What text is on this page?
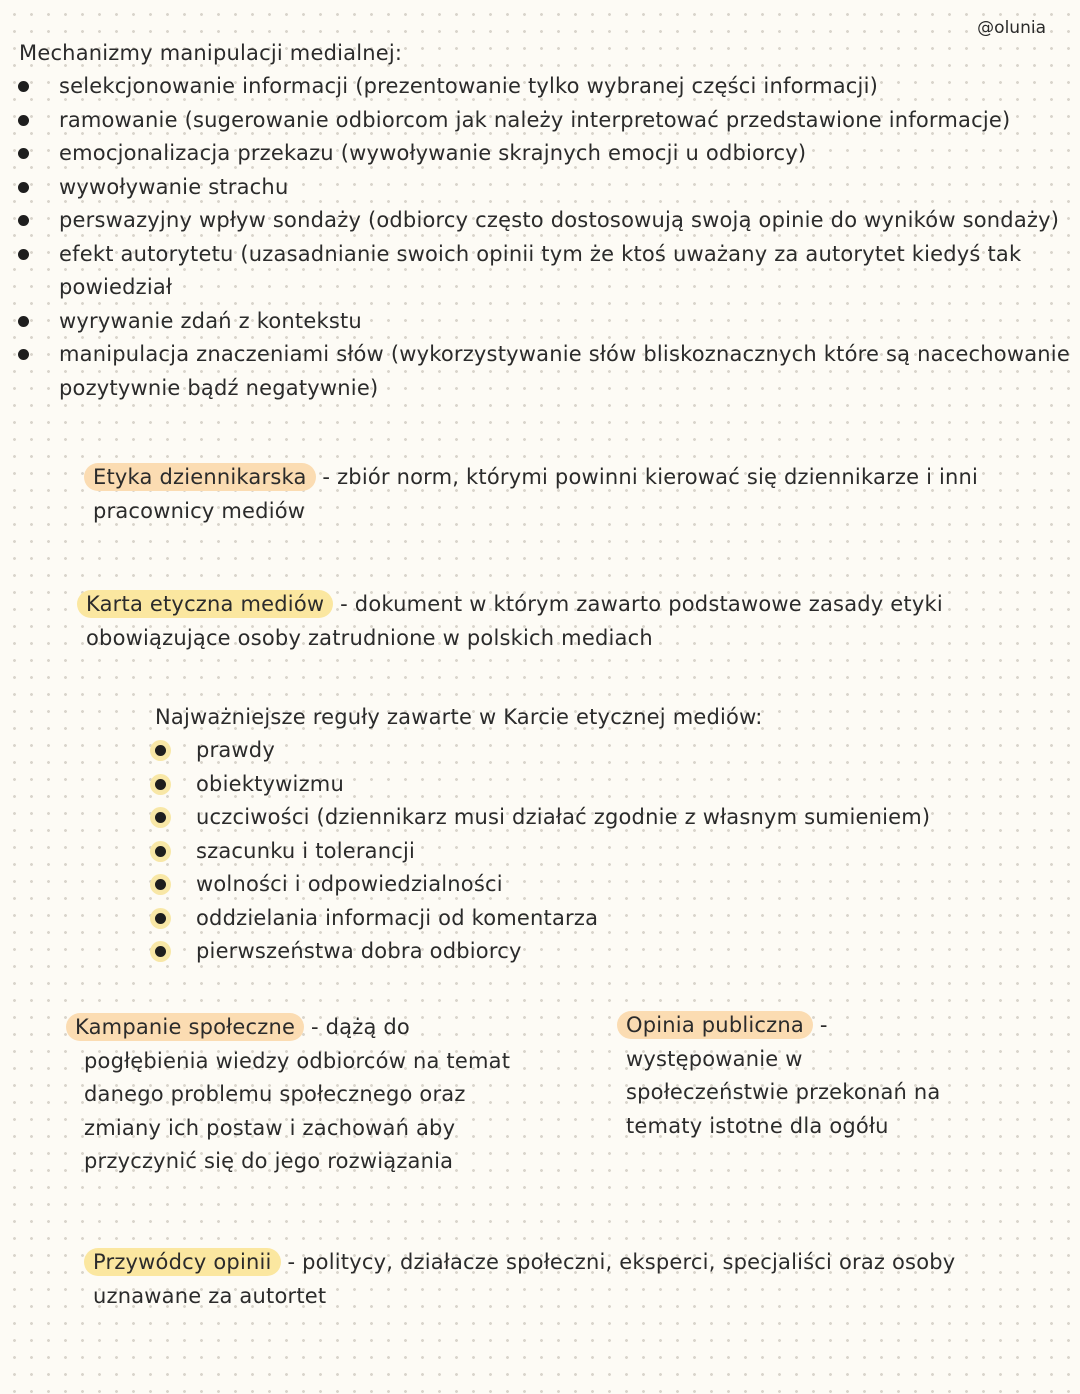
@olunia
Mechanizmy manipulacji medialnej:
selekcjonowanie informacji (prezentowanie tylko wybranej części informacji)
ramowanie (sugerowanie odbiorcom jak należy interpretować przedstawione informacje)
emocjonalizacja przekazu (wywoływanie skrajnych emocji u odbiorcy)
wywoływanie strachu
perswazyjny wpływ sondaży (odbiorcy często dostosowują swoją opinie do wyników sondaży)
efekt autorytetu (uzasadnianie swoich opinii tym że ktoś uważany za autorytet kiedyś tak powiedział
wyrywanie zdań z kontekstu
manipulacja znaczeniami słów (wykorzystywanie słów bliskoznacznych które są nacechowanie pozytywnie bądź negatywnie)
Etyka dziennikarska - zbiór norm, którymi powinni kierować się dziennikarze i inni
pracownicy mediów
Karta etyczna mediów - dokument w którym zawarto podstawowe zasady etyki
obowiązujące osoby zatrudnione w polskich mediach
Najważniejsze reguły zawarte w Karcie etycznej mediów:
prawdy
obiektywizmu
uczciwości (dziennikarz musi działać zgodnie z własnym sumieniem)
szacunku i tolerancji
wolności i odpowiedzialności
oddzielania informacji od komentarza
pierwszeństwa dobra odbiorcy
Kampanie społeczne - dążą do
pogłębienia wiedzy odbiorców na temat
danego problemu społecznego oraz
zmiany ich postaw i zachowań aby
przyczynić się do jego rozwiązania
Opinia publiczna -
występowanie w
społeczeństwie przekonań na
tematy istotne dla ogółu
Przywódcy opinii - politycy, działacze społeczni, eksperci, specjaliści oraz osoby
uznawane za autortet
